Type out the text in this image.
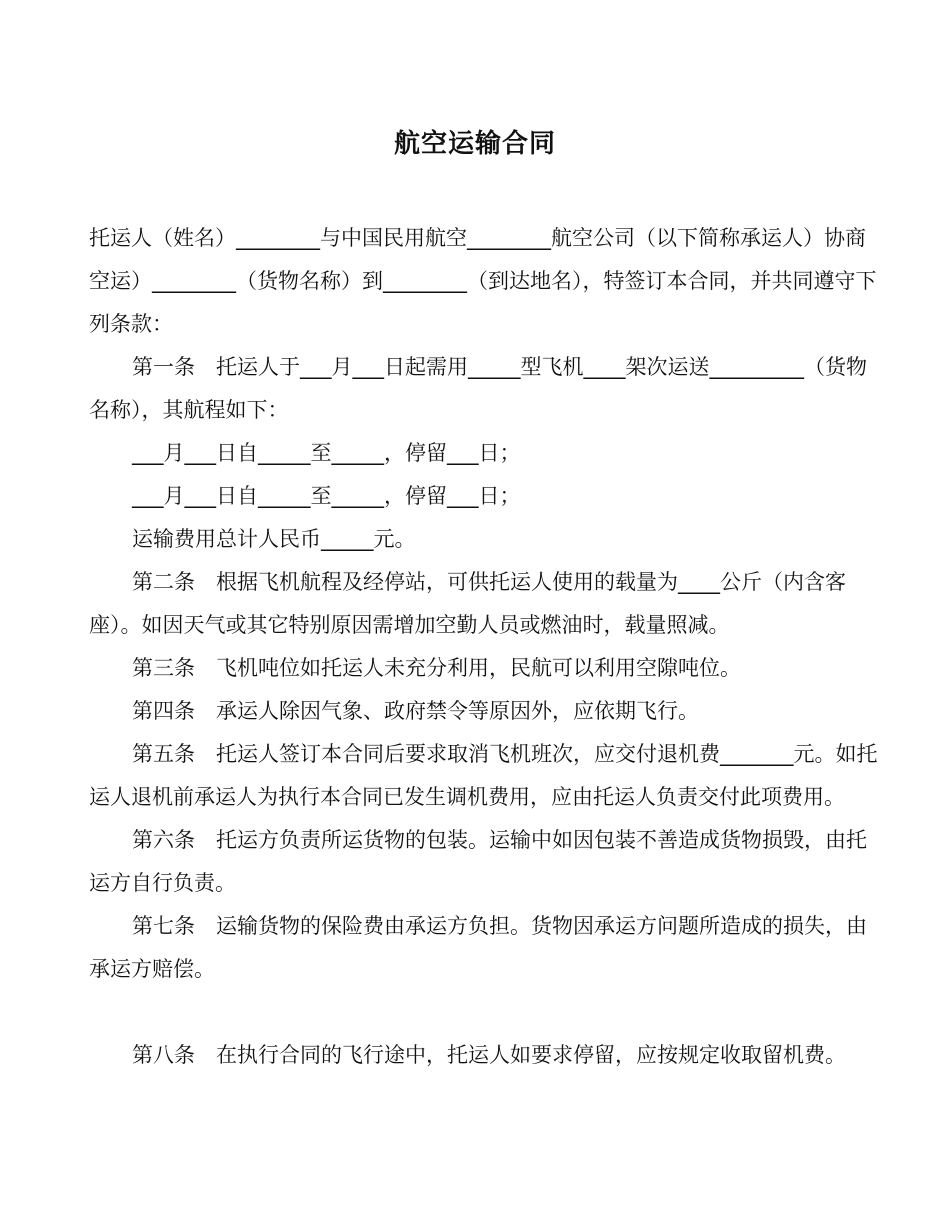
航空运输合同

托运人（姓名）________与中国民用航空________航空公司（以下简称承运人）协商空运）________（货物名称）到________（到达地名），特签订本合同，并共同遵守下列条款：

第一条　托运人于___月___日起需用_____型飞机____架次运送_________（货物名称），其航程如下：

___月___日自_____至_____，停留___日；

___月___日自_____至_____，停留___日；

运输费用总计人民币_____元。

第二条　根据飞机航程及经停站，可供托运人使用的载量为____公斤（内含客座）。如因天气或其它特别原因需增加空勤人员或燃油时，载量照减。

第三条　飞机吨位如托运人未充分利用，民航可以利用空隙吨位。

第四条　承运人除因气象、政府禁令等原因外，应依期飞行。

第五条　托运人签订本合同后要求取消飞机班次，应交付退机费_______元。如托运人退机前承运人为执行本合同已发生调机费用，应由托运人负责交付此项费用。

第六条　托运方负责所运货物的包装。运输中如因包装不善造成货物损毁，由托运方自行负责。

第七条　运输货物的保险费由承运方负担。货物因承运方问题所造成的损失，由承运方赔偿。

第八条　在执行合同的飞行途中，托运人如要求停留，应按规定收取留机费。
